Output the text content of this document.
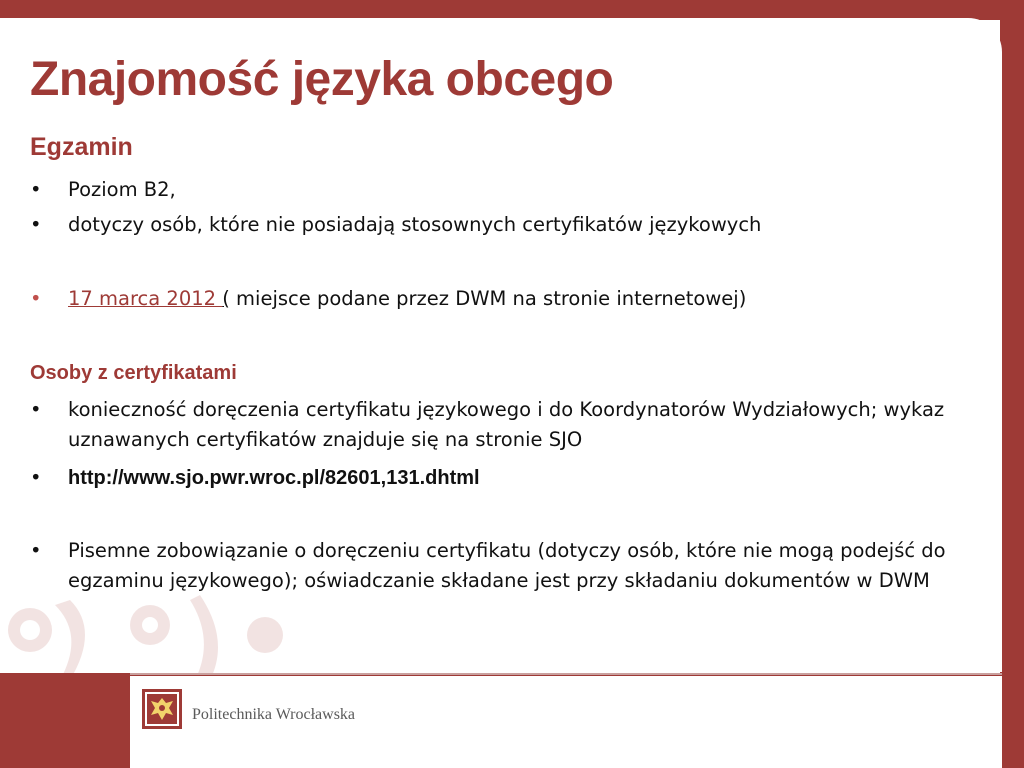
Politechnika Wrocławska
Znajomość języka obcego
Egzamin
•	Poziom B2,
•	dotyczy osób, które nie posiadają stosownych certyfikatów językowych
•	17 marca 2012 ( miejsce podane przez DWM na stronie internetowej)
Osoby z certyfikatami
•	konieczność doręczenia certyfikatu językowego i do Koordynatorów Wydziałowych; wykaz uznawanych certyfikatów znajduje się na stronie SJO
•	http://www.sjo.pwr.wroc.pl/82601,131.dhtml
•	Pisemne zobowiązanie o doręczeniu certyfikatu (dotyczy osób, które nie mogą podejść do egzaminu językowego); oświadczanie składane jest przy składaniu dokumentów w DWM
